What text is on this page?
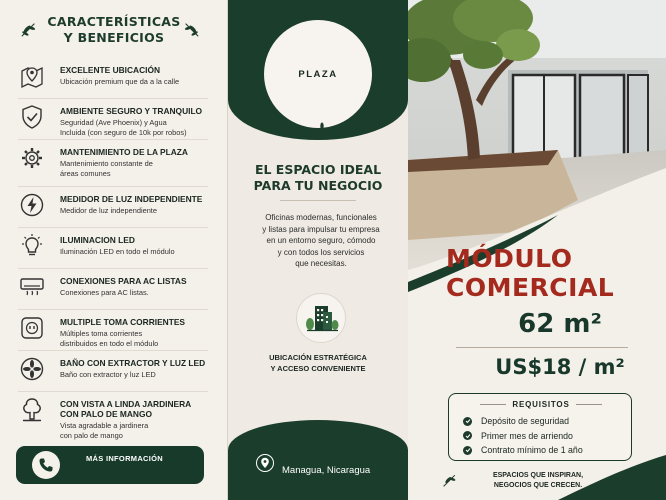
CARACTERÍSTICAS
Y BENEFICIOS
EXCELENTE UBICACIÓN
Ubicación premium que da a la calle
AMBIENTE SEGURO Y TRANQUILO
Seguridad (Ave Phoenix) y Agua
Incluida (con seguro de 10k por robos)
MANTENIMIENTO DE LA PLAZA
Mantenimiento constante de
áreas comunes
MEDIDOR DE LUZ INDEPENDIENTE
Medidor de luz independiente
ILUMINACION LED
Iluminación LED en todo el módulo
CONEXIONES PARA AC LISTAS
Conexiones para AC listas.
MULTIPLE TOMA CORRIENTES
Múltiples toma corrientes
distribuidos en todo el módulo
BAÑO CON EXTRACTOR Y LUZ LED
Baño con extractor y luz LED
CON VISTA A LINDA JARDINERA
CON PALO DE MANGO
Vista agradable a jardinera
con palo de mango
MÁS INFORMACIÓN
PLAZA
EL ESPACIO IDEAL
PARA TU NEGOCIO
Oficinas modernas, funcionales
y listas para impulsar tu empresa
en un entorno seguro, cómodo
y con todos los servicios
que necesitas.
UBICACIÓN ESTRATÉGICA
Y ACCESO CONVENIENTE
Managua, Nicaragua
MÓDULO
COMERCIAL
62 m²
US$18 / m²
REQUISITOS
Depósito de seguridad
Primer mes de arriendo
Contrato mínimo de 1 año
ESPACIOS QUE INSPIRAN,
NEGOCIOS QUE CRECEN.
